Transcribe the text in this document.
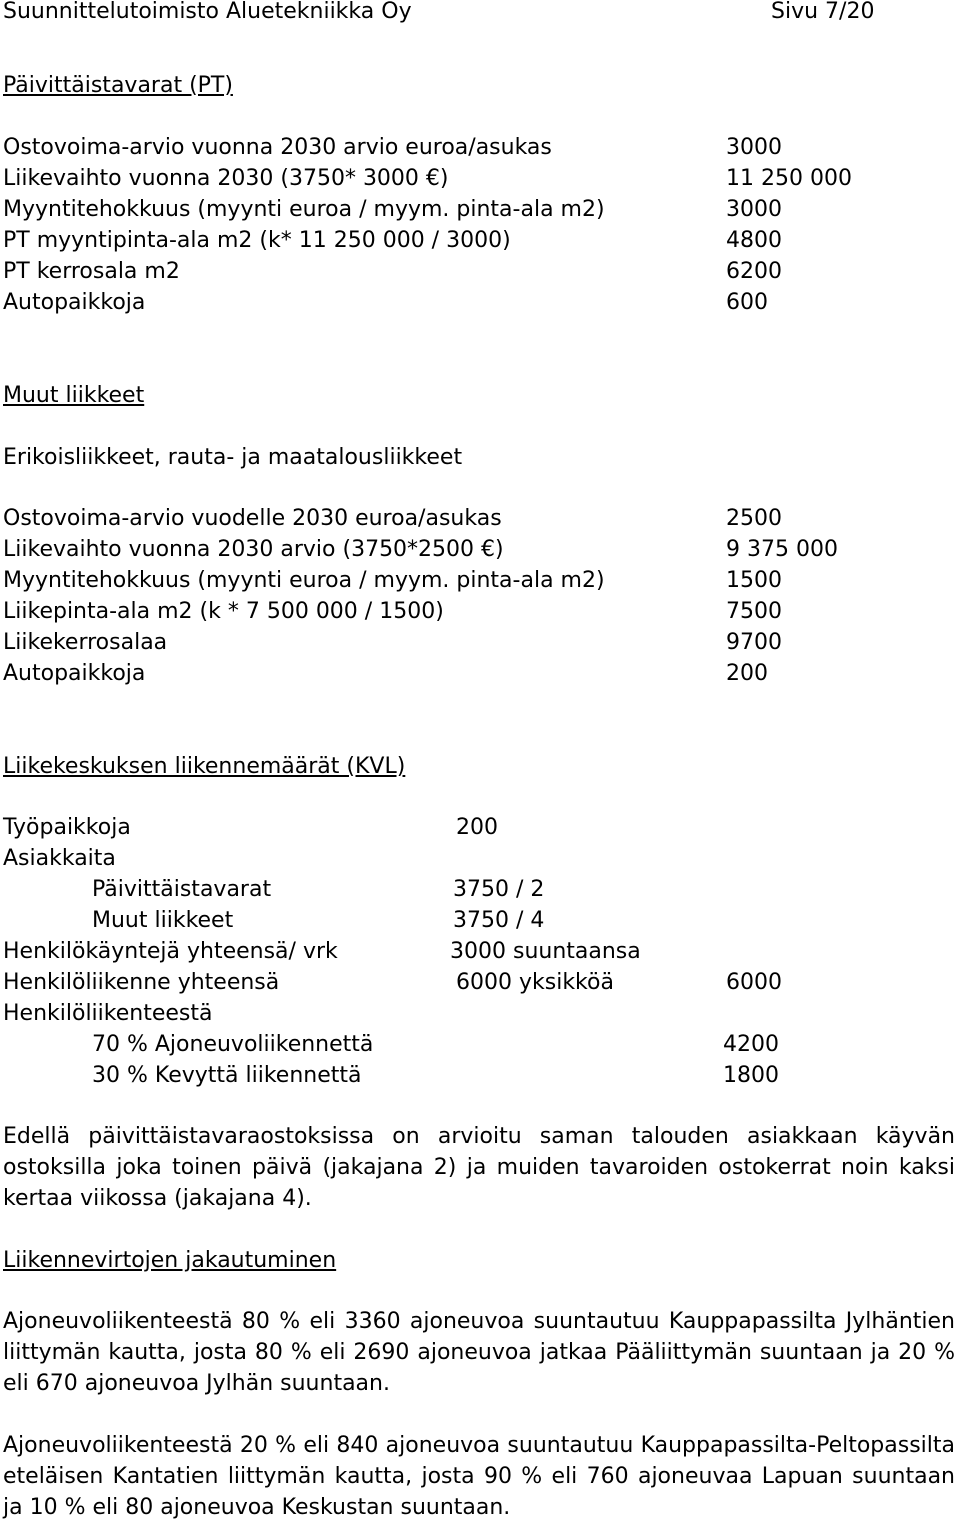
Suunnittelutoimisto Aluetekniikka Oy	Sivu 7/20
Päivittäistavarat (PT)
Ostovoima-arvio vuonna 2030 arvio euroa/asukas	3000
Liikevaihto vuonna 2030 (3750* 3000 €)	11 250 000
Myyntitehokkuus (myynti euroa / myym. pinta-ala m2)	3000
PT myyntipinta-ala m2 (k* 11 250 000 / 3000)	4800
PT kerrosala m2	6200
Autopaikkoja	600
Muut liikkeet
Erikoisliikkeet, rauta- ja maatalousliikkeet
Ostovoima-arvio vuodelle 2030 euroa/asukas	2500
Liikevaihto vuonna 2030 arvio (3750*2500 €)	9 375 000
Myyntitehokkuus (myynti euroa / myym. pinta-ala m2)	1500
Liikepinta-ala m2 (k * 7 500 000 / 1500)	7500
Liikekerrosalaa	9700
Autopaikkoja	200
Liikekeskuksen liikennemäärät (KVL)
Työpaikkoja	200
Asiakkaita
Päivittäistavarat	3750 / 2
Muut liikkeet	3750 / 4
Henkilökäyntejä yhteensä/ vrk	3000 suuntaansa
Henkilöliikenne yhteensä	6000 yksikköä	6000
Henkilöliikenteestä
70 % Ajoneuvoliikennettä	4200
30 % Kevyttä liikennettä	1800
Edellä päivittäistavaraostoksissa on arvioitu saman talouden asiakkaan käyvän ostoksilla joka toinen päivä (jakajana 2) ja muiden tavaroiden ostokerrat noin kaksi kertaa viikossa (jakajana 4).
Liikennevirtojen jakautuminen
Ajoneuvoliikenteestä 80 % eli 3360 ajoneuvoa suuntautuu Kauppapassilta Jylhäntien liittymän kautta, josta 80 % eli 2690 ajoneuvoa jatkaa Pääliittymän suuntaan ja 20 % eli 670 ajoneuvoa Jylhän suuntaan.
Ajoneuvoliikenteestä 20 % eli 840 ajoneuvoa suuntautuu Kauppapassilta-Peltopassilta eteläisen Kantatien liittymän kautta, josta 90 % eli 760 ajoneuvaa Lapuan suuntaan ja 10 % eli 80 ajoneuvoa Keskustan suuntaan.
